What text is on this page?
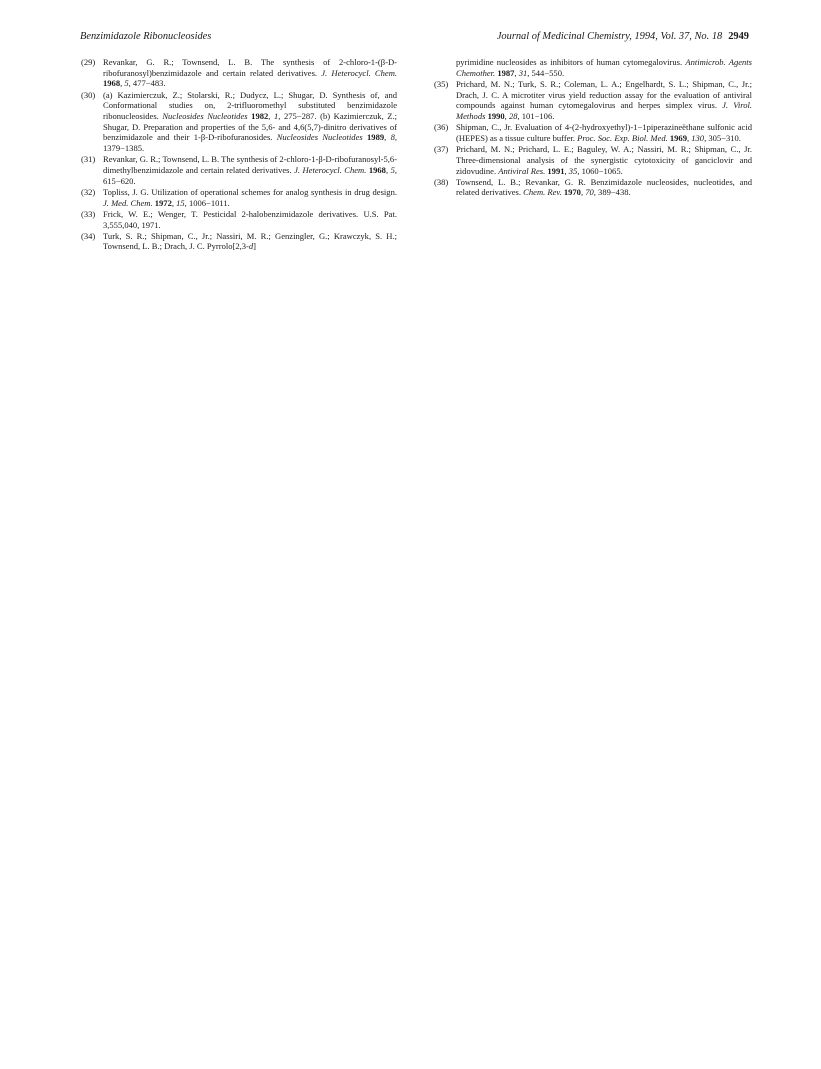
Benzimidazole Ribonucleosides	Journal of Medicinal Chemistry, 1994, Vol. 37, No. 18 2949
(29) Revankar, G. R.; Townsend, L. B. The synthesis of 2-chloro-1-(β-D-ribofuranosyl)benzimidazole and certain related derivatives. J. Heterocycl. Chem. 1968, 5, 477−483.
(30) (a) Kazimierczuk, Z.; Stolarski, R.; Dudycz, L.; Shugar, D. Synthesis of, and Conformational studies on, 2-trifluoromethyl substituted benzimidazole ribonucleosides. Nucleosides Nucleotides 1982, 1, 275−287. (b) Kazimierczuk, Z.; Shugar, D. Preparation and properties of the 5,6- and 4,6(5,7)-dinitro derivatives of benzimidazole and their 1-β-D-ribofuranosides. Nucleosides Nucleotides 1989, 8, 1379−1385.
(31) Revankar, G. R.; Townsend, L. B. The synthesis of 2-chloro-1-β-D-ribofuranosyl-5,6-dimethylbenzimidazole and certain related derivatives. J. Heterocycl. Chem. 1968, 5, 615−620.
(32) Topliss, J. G. Utilization of operational schemes for analog synthesis in drug design. J. Med. Chem. 1972, 15, 1006−1011.
(33) Frick, W. E.; Wenger, T. Pesticidal 2-halobenzimidazole derivatives. U.S. Pat. 3,555,040, 1971.
(34) Turk, S. R.; Shipman, C., Jr.; Nassiri, M. R.; Genzingler, G.; Krawczyk, S. H.; Townsend, L. B.; Drach, J. C. Pyrrolo[2,3-d]
pyrimidine nucleosides as inhibitors of human cytomegalovirus. Antimicrob. Agents Chemother. 1987, 31, 544−550.
(35) Prichard, M. N.; Turk, S. R.; Coleman, L. A.; Engelhardt, S. L.; Shipman, C., Jr.; Drach, J. C. A microtiter virus yield reduction assay for the evaluation of antiviral compounds against human cytomegalovirus and herpes simplex virus. J. Virol. Methods 1990, 28, 101−106.
(36) Shipman, C., Jr. Evaluation of 4-(2-hydroxyethyl)-1−1piperazineëthane sulfonic acid (HEPES) as a tissue culture buffer. Proc. Soc. Exp. Biol. Med. 1969, 130, 305−310.
(37) Prichard, M. N.; Prichard, L. E.; Baguley, W. A.; Nassiri, M. R.; Shipman, C., Jr. Three-dimensional analysis of the synergistic cytotoxicity of ganciclovir and zidovudine. Antiviral Res. 1991, 35, 1060−1065.
(38) Townsend, L. B.; Revankar, G. R. Benzimidazole nucleosides, nucleotides, and related derivatives. Chem. Rev. 1970, 70, 389−438.
